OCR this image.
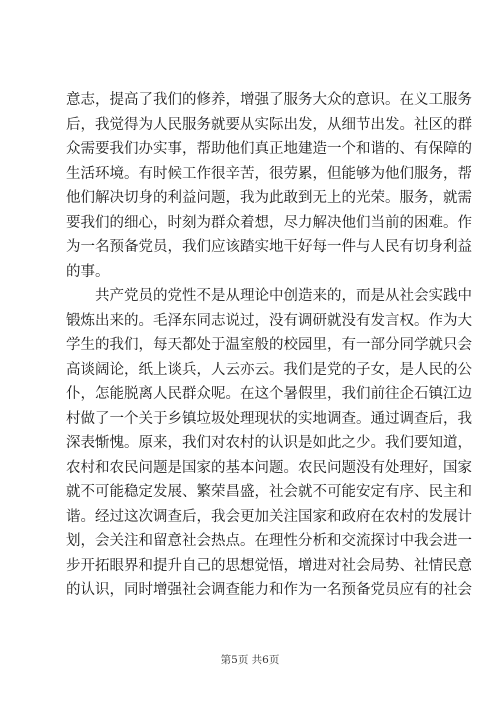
意志，提高了我们的修养，增强了服务大众的意识。在义工服务
后，我觉得为人民服务就要从实际出发，从细节出发。社区的群
众需要我们办实事，帮助他们真正地建造一个和谐的、有保障的
生活环境。有时候工作很辛苦，很劳累，但能够为他们服务，帮
他们解决切身的利益问题，我为此敢到无上的光荣。服务，就需
要我们的细心，时刻为群众着想，尽力解决他们当前的困难。作
为一名预备党员，我们应该踏实地干好每一件与人民有切身利益
的事。
共产党员的党性不是从理论中创造来的，而是从社会实践中
锻炼出来的。毛泽东同志说过，没有调研就没有发言权。作为大
学生的我们，每天都处于温室般的校园里，有一部分同学就只会
高谈阔论，纸上谈兵，人云亦云。我们是党的子女，是人民的公
仆，怎能脱离人民群众呢。在这个暑假里，我们前往企石镇江边
村做了一个关于乡镇垃圾处理现状的实地调查。通过调查后，我
深表惭愧。原来，我们对农村的认识是如此之少。我们要知道，
农村和农民问题是国家的基本问题。农民问题没有处理好，国家
就不可能稳定发展、繁荣昌盛，社会就不可能安定有序、民主和
谐。经过这次调查后，我会更加关注国家和政府在农村的发展计
划，会关注和留意社会热点。在理性分析和交流探讨中我会进一
步开拓眼界和提升自己的思想觉悟，增进对社会局势、社情民意
的认识，同时增强社会调查能力和作为一名预备党员应有的社会
第5页 共6页
